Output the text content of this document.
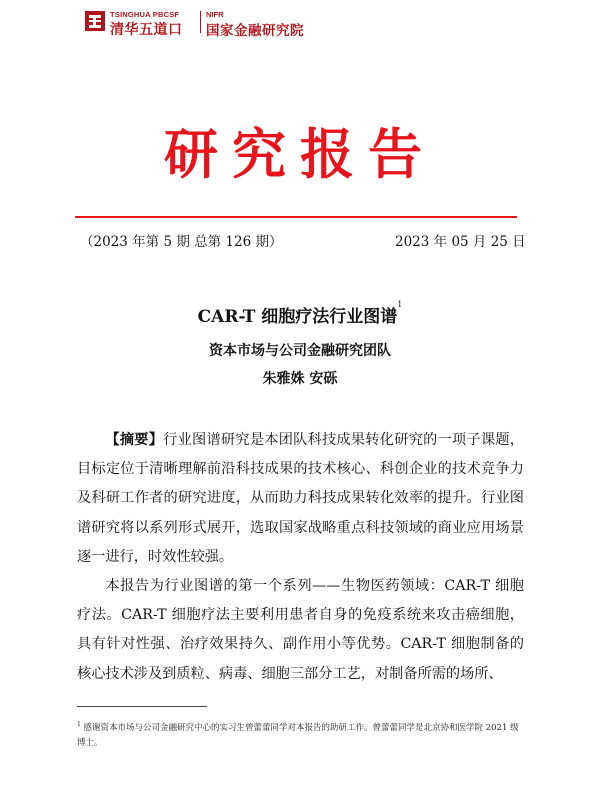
TSINGHUA PBCSF
清华五道口
NIFR
国家金融研究院
研究报告
（2023 年第 5 期 总第 126 期）	2023 年 05 月 25 日
CAR-T 细胞疗法行业图谱$^1$
资本市场与公司金融研究团队
朱雅姝 安砾

【摘要】行业图谱研究是本团队科技成果转化研究的一项子课题，目标定位于清晰理解前沿科技成果的技术核心、科创企业的技术竞争力及科研工作者的研究进度，从而助力科技成果转化效率的提升。行业图谱研究将以系列形式展开，选取国家战略重点科技领域的商业应用场景逐一进行，时效性较强。

本报告为行业图谱的第一个系列——生物医药领域：CAR-T 细胞疗法。CAR-T 细胞疗法主要利用患者自身的免疫系统来攻击癌细胞，具有针对性强、治疗效果持久、副作用小等优势。CAR-T 细胞制备的核心技术涉及到质粒、病毒、细胞三部分工艺，对制备所需的场所、

$^1$ 感谢资本市场与公司金融研究中心的实习生曾蕾蕾同学对本报告的助研工作。曾蕾蕾同学是北京协和医学院 2021 级博士。
